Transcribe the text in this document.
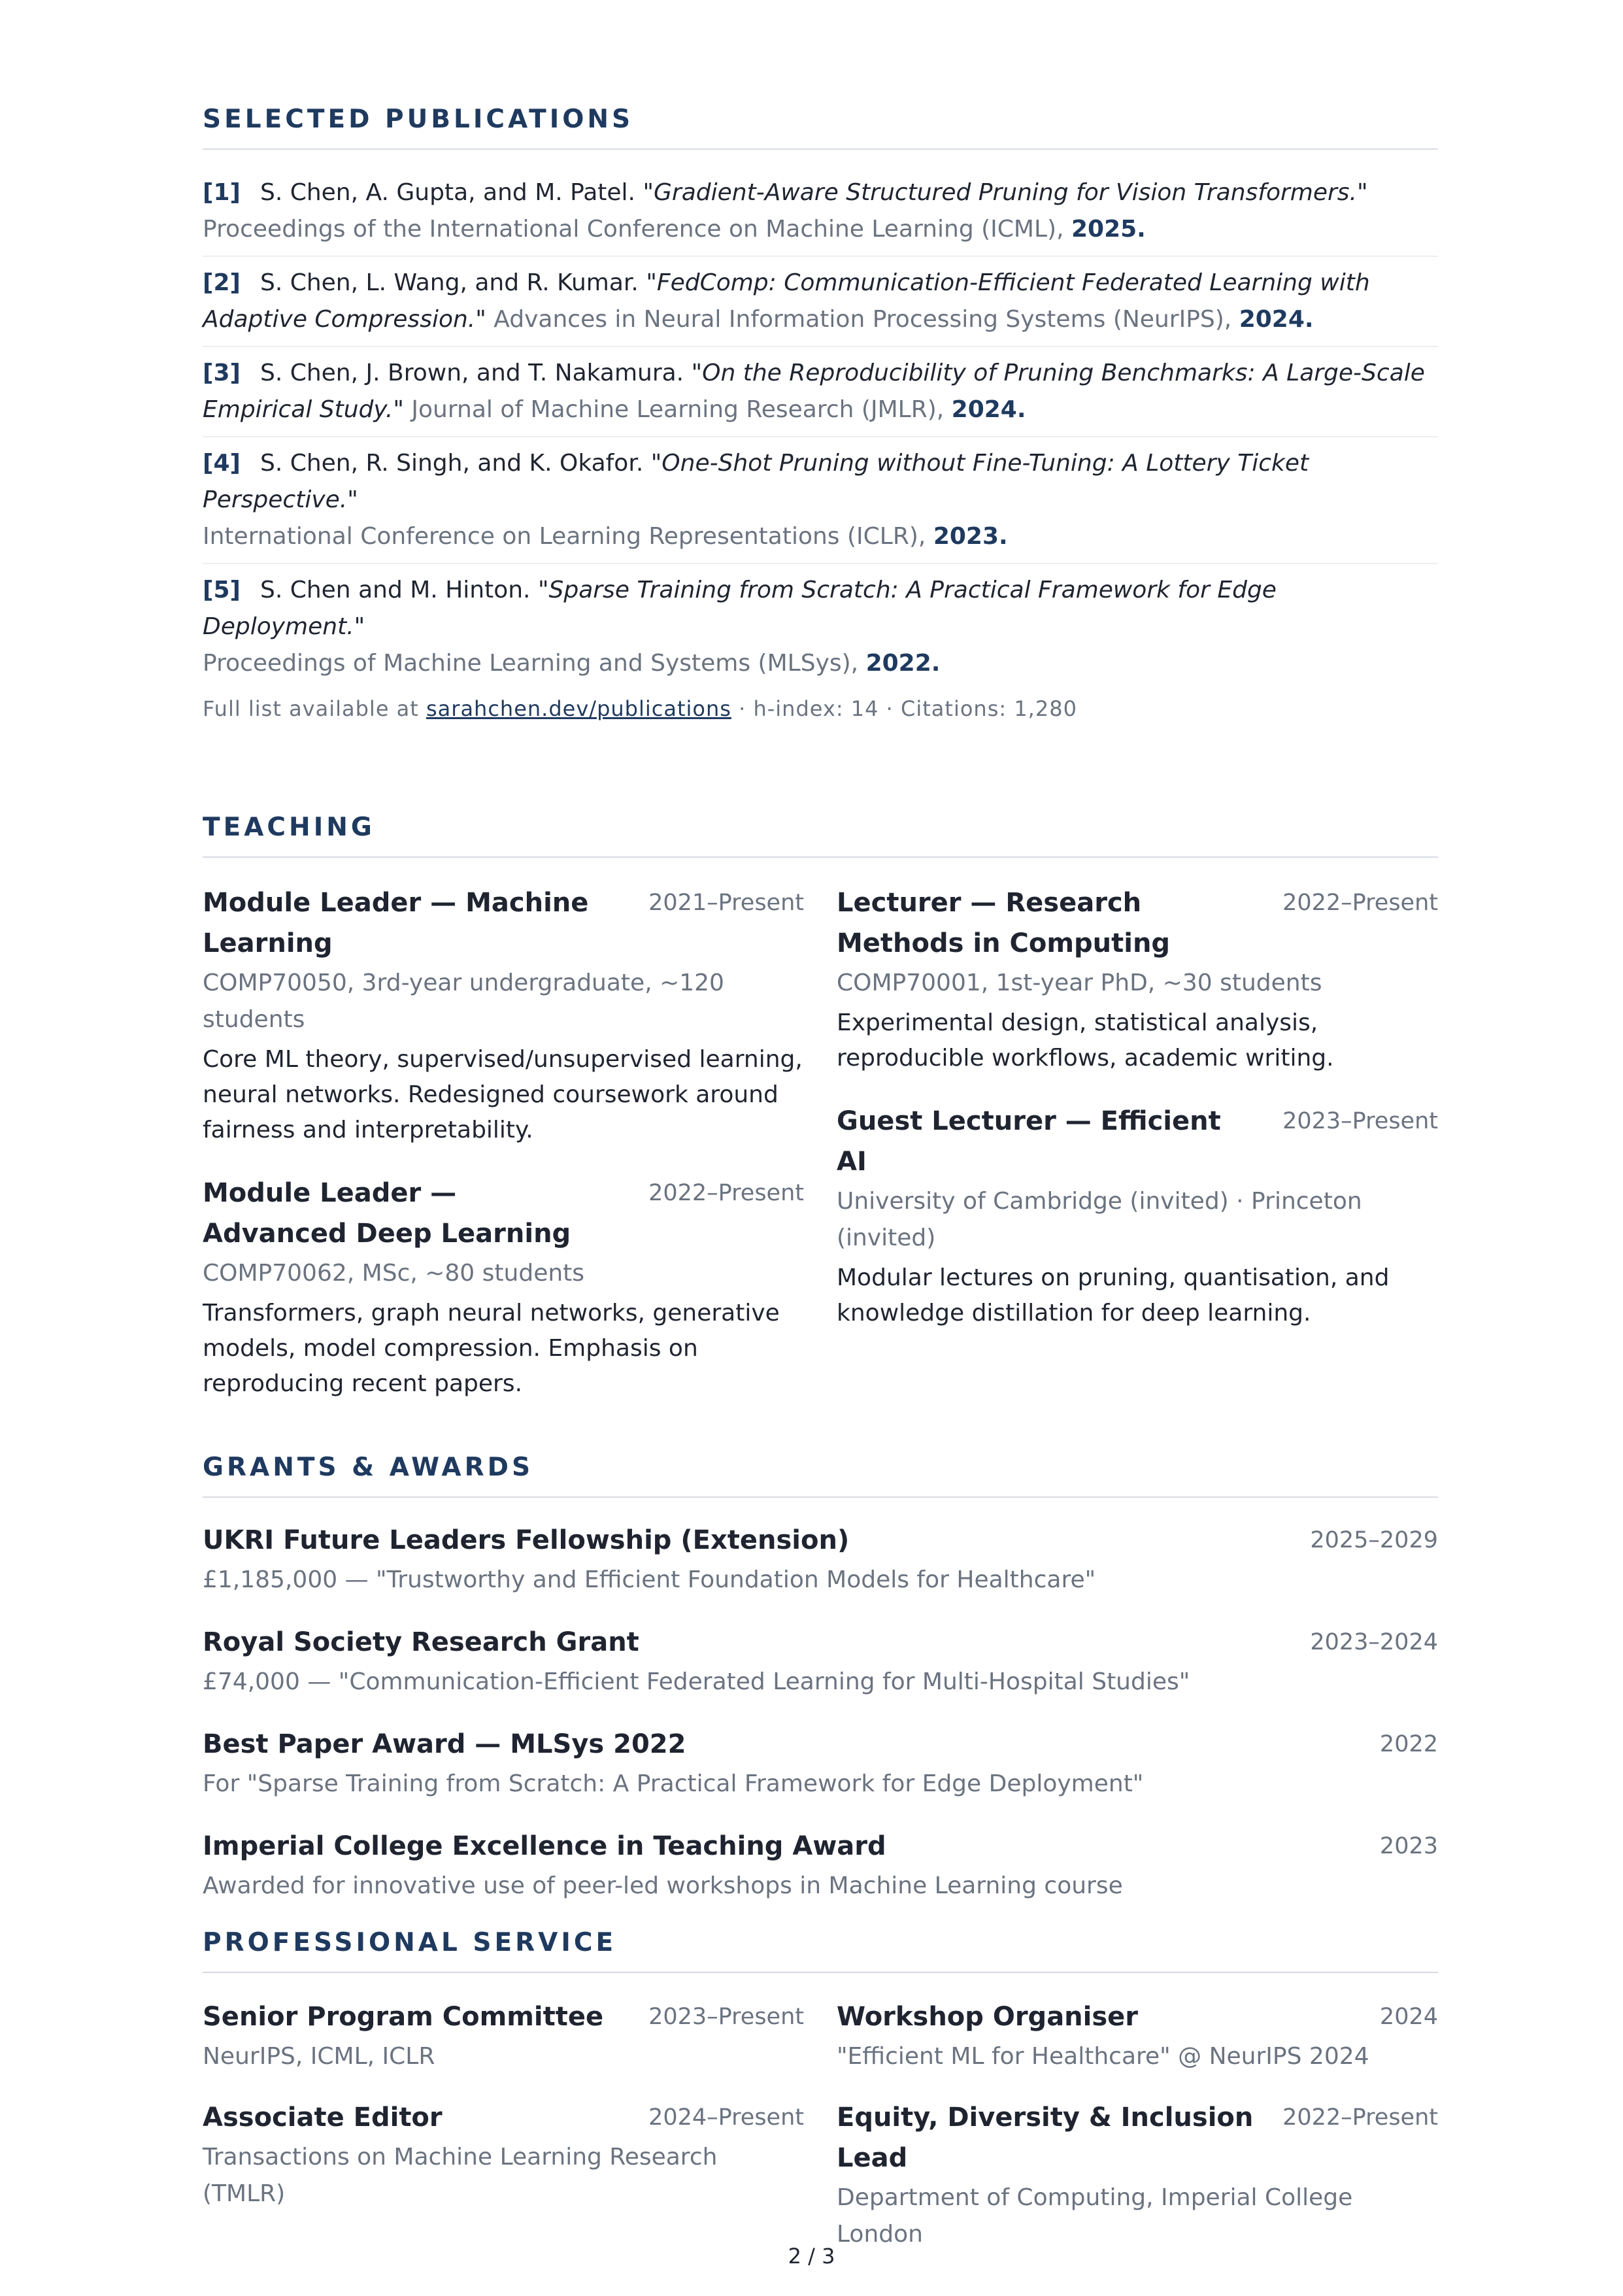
SELECTED PUBLICATIONS
[1] S. Chen, A. Gupta, and M. Patel. "Gradient-Aware Structured Pruning for Vision Transformers."
Proceedings of the International Conference on Machine Learning (ICML), 2025.
[2] S. Chen, L. Wang, and R. Kumar. "FedComp: Communication-Efficient Federated Learning with Adaptive Compression." Advances in Neural Information Processing Systems (NeurIPS), 2024.
[3] S. Chen, J. Brown, and T. Nakamura. "On the Reproducibility of Pruning Benchmarks: A Large-Scale Empirical Study." Journal of Machine Learning Research (JMLR), 2024.
[4] S. Chen, R. Singh, and K. Okafor. "One-Shot Pruning without Fine-Tuning: A Lottery Ticket Perspective."
International Conference on Learning Representations (ICLR), 2023.
[5] S. Chen and M. Hinton. "Sparse Training from Scratch: A Practical Framework for Edge Deployment."
Proceedings of Machine Learning and Systems (MLSys), 2022.
Full list available at sarahchen.dev/publications · h-index: 14 · Citations: 1,280
TEACHING
Module Leader — Machine Learning
2021–Present
COMP70050, 3rd-year undergraduate, ~120 students
Core ML theory, supervised/unsupervised learning, neural networks. Redesigned coursework around fairness and interpretability.
Module Leader — Advanced Deep Learning
2022–Present
COMP70062, MSc, ~80 students
Transformers, graph neural networks, generative models, model compression. Emphasis on reproducing recent papers.
Lecturer — Research Methods in Computing
2022–Present
COMP70001, 1st-year PhD, ~30 students
Experimental design, statistical analysis, reproducible workflows, academic writing.
Guest Lecturer — Efficient AI
2023–Present
University of Cambridge (invited) · Princeton (invited)
Modular lectures on pruning, quantisation, and knowledge distillation for deep learning.
GRANTS & AWARDS
UKRI Future Leaders Fellowship (Extension)	2025–2029
£1,185,000 — "Trustworthy and Efficient Foundation Models for Healthcare"
Royal Society Research Grant	2023–2024
£74,000 — "Communication-Efficient Federated Learning for Multi-Hospital Studies"
Best Paper Award — MLSys 2022	2022
For "Sparse Training from Scratch: A Practical Framework for Edge Deployment"
Imperial College Excellence in Teaching Award	2023
Awarded for innovative use of peer-led workshops in Machine Learning course
PROFESSIONAL SERVICE
Senior Program Committee 2023–Present
NeurIPS, ICML, ICLR
Associate Editor	2024–Present
Transactions on Machine Learning Research (TMLR)
Workshop Organiser	2024
"Efficient ML for Healthcare" @ NeurIPS 2024
Equity, Diversity & Inclusion Lead
2022–Present
Department of Computing, Imperial College London
2 / 3
